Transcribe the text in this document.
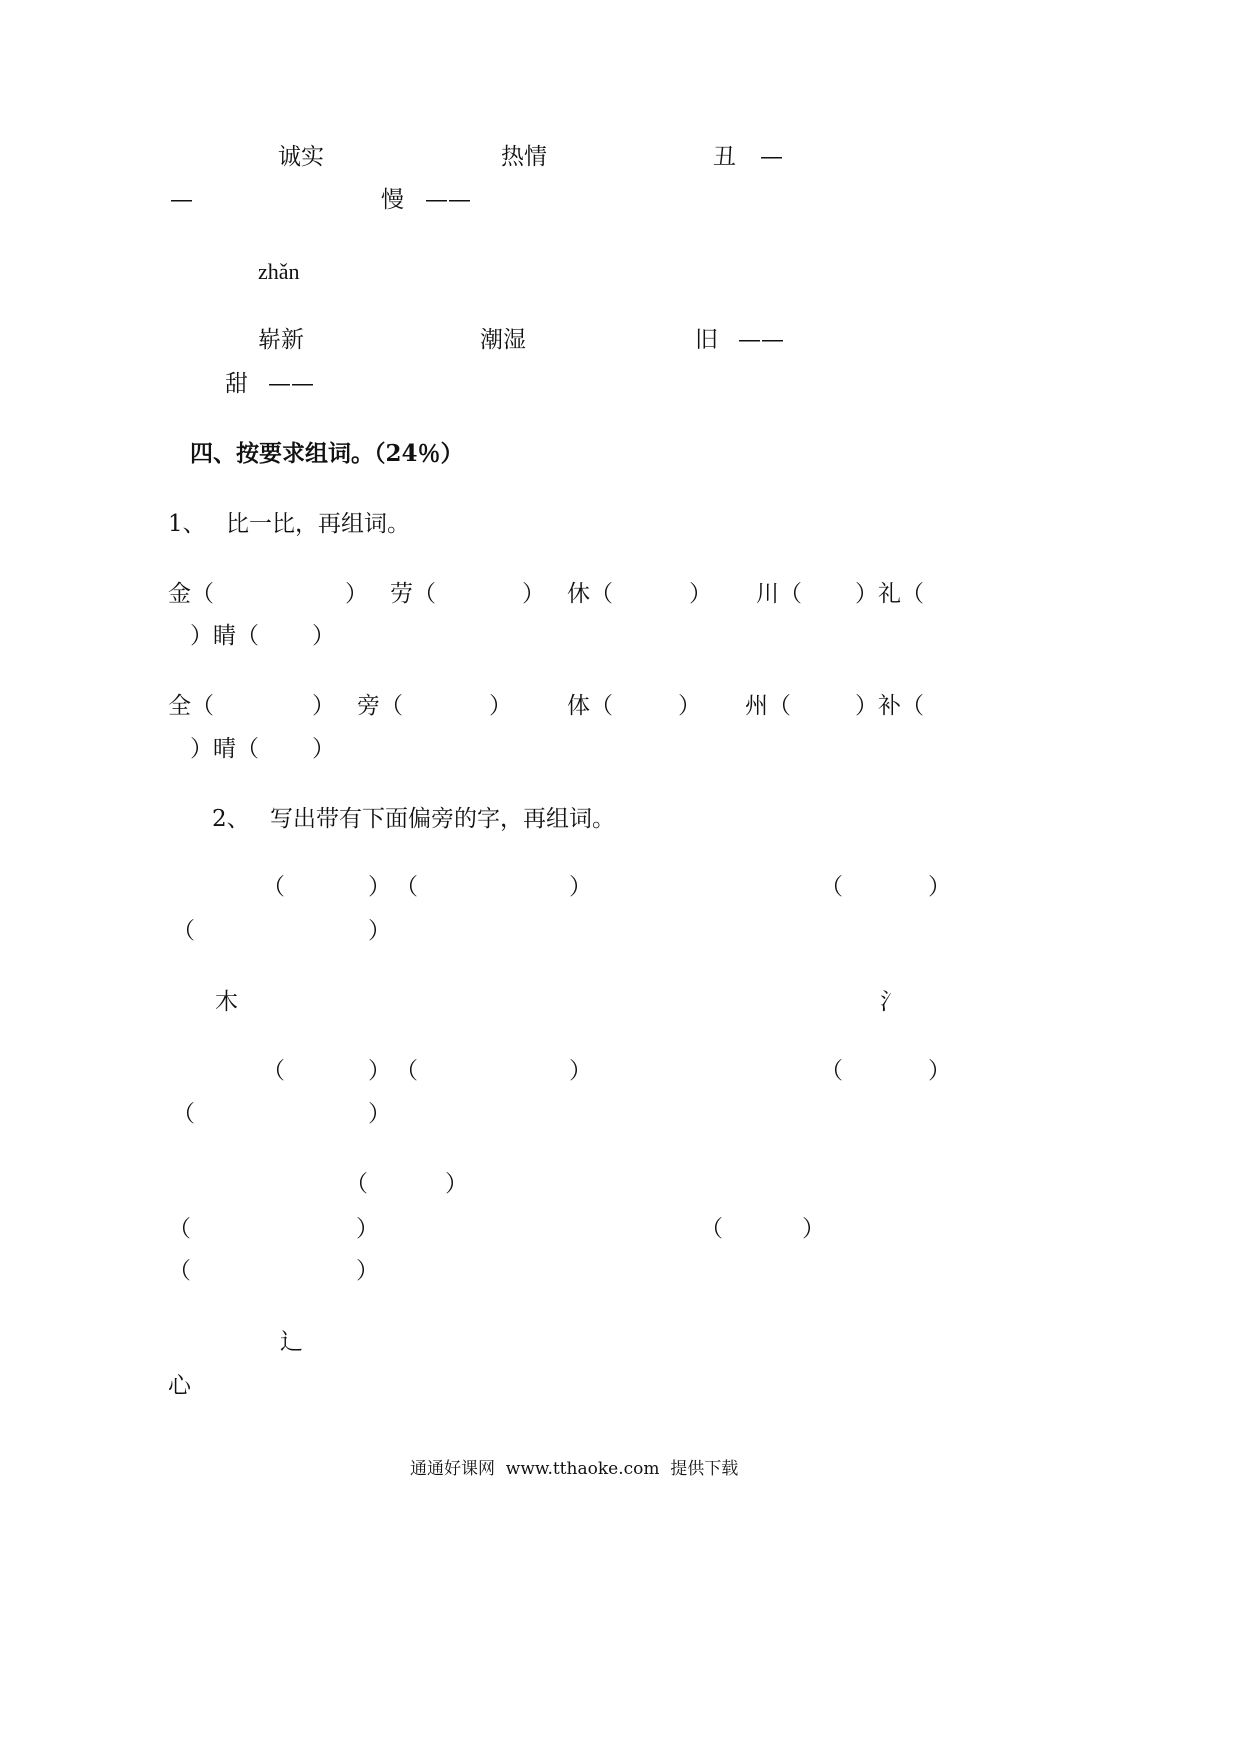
诚实	热情	丑 —
—	慢 ——
zhǎn
崭新	潮湿	旧 ——
甜 ——
四、按要求组词。（24％）
1、 比一比，再组词。
金（	） 劳（	） 休（	） 川（ ）礼（
）睛（ ）
全（	） 旁（	） 体（	） 州（	）补（
）晴（ ）
2、 写出带有下面偏旁的字，再组词。
（	） （	）	（	）
（	）
木	氵
（	） （	）	（	）
（	）
（	）
（	）	（	）
（	）
辶
心
通通好课网  www.tthaoke.com  提供下载
